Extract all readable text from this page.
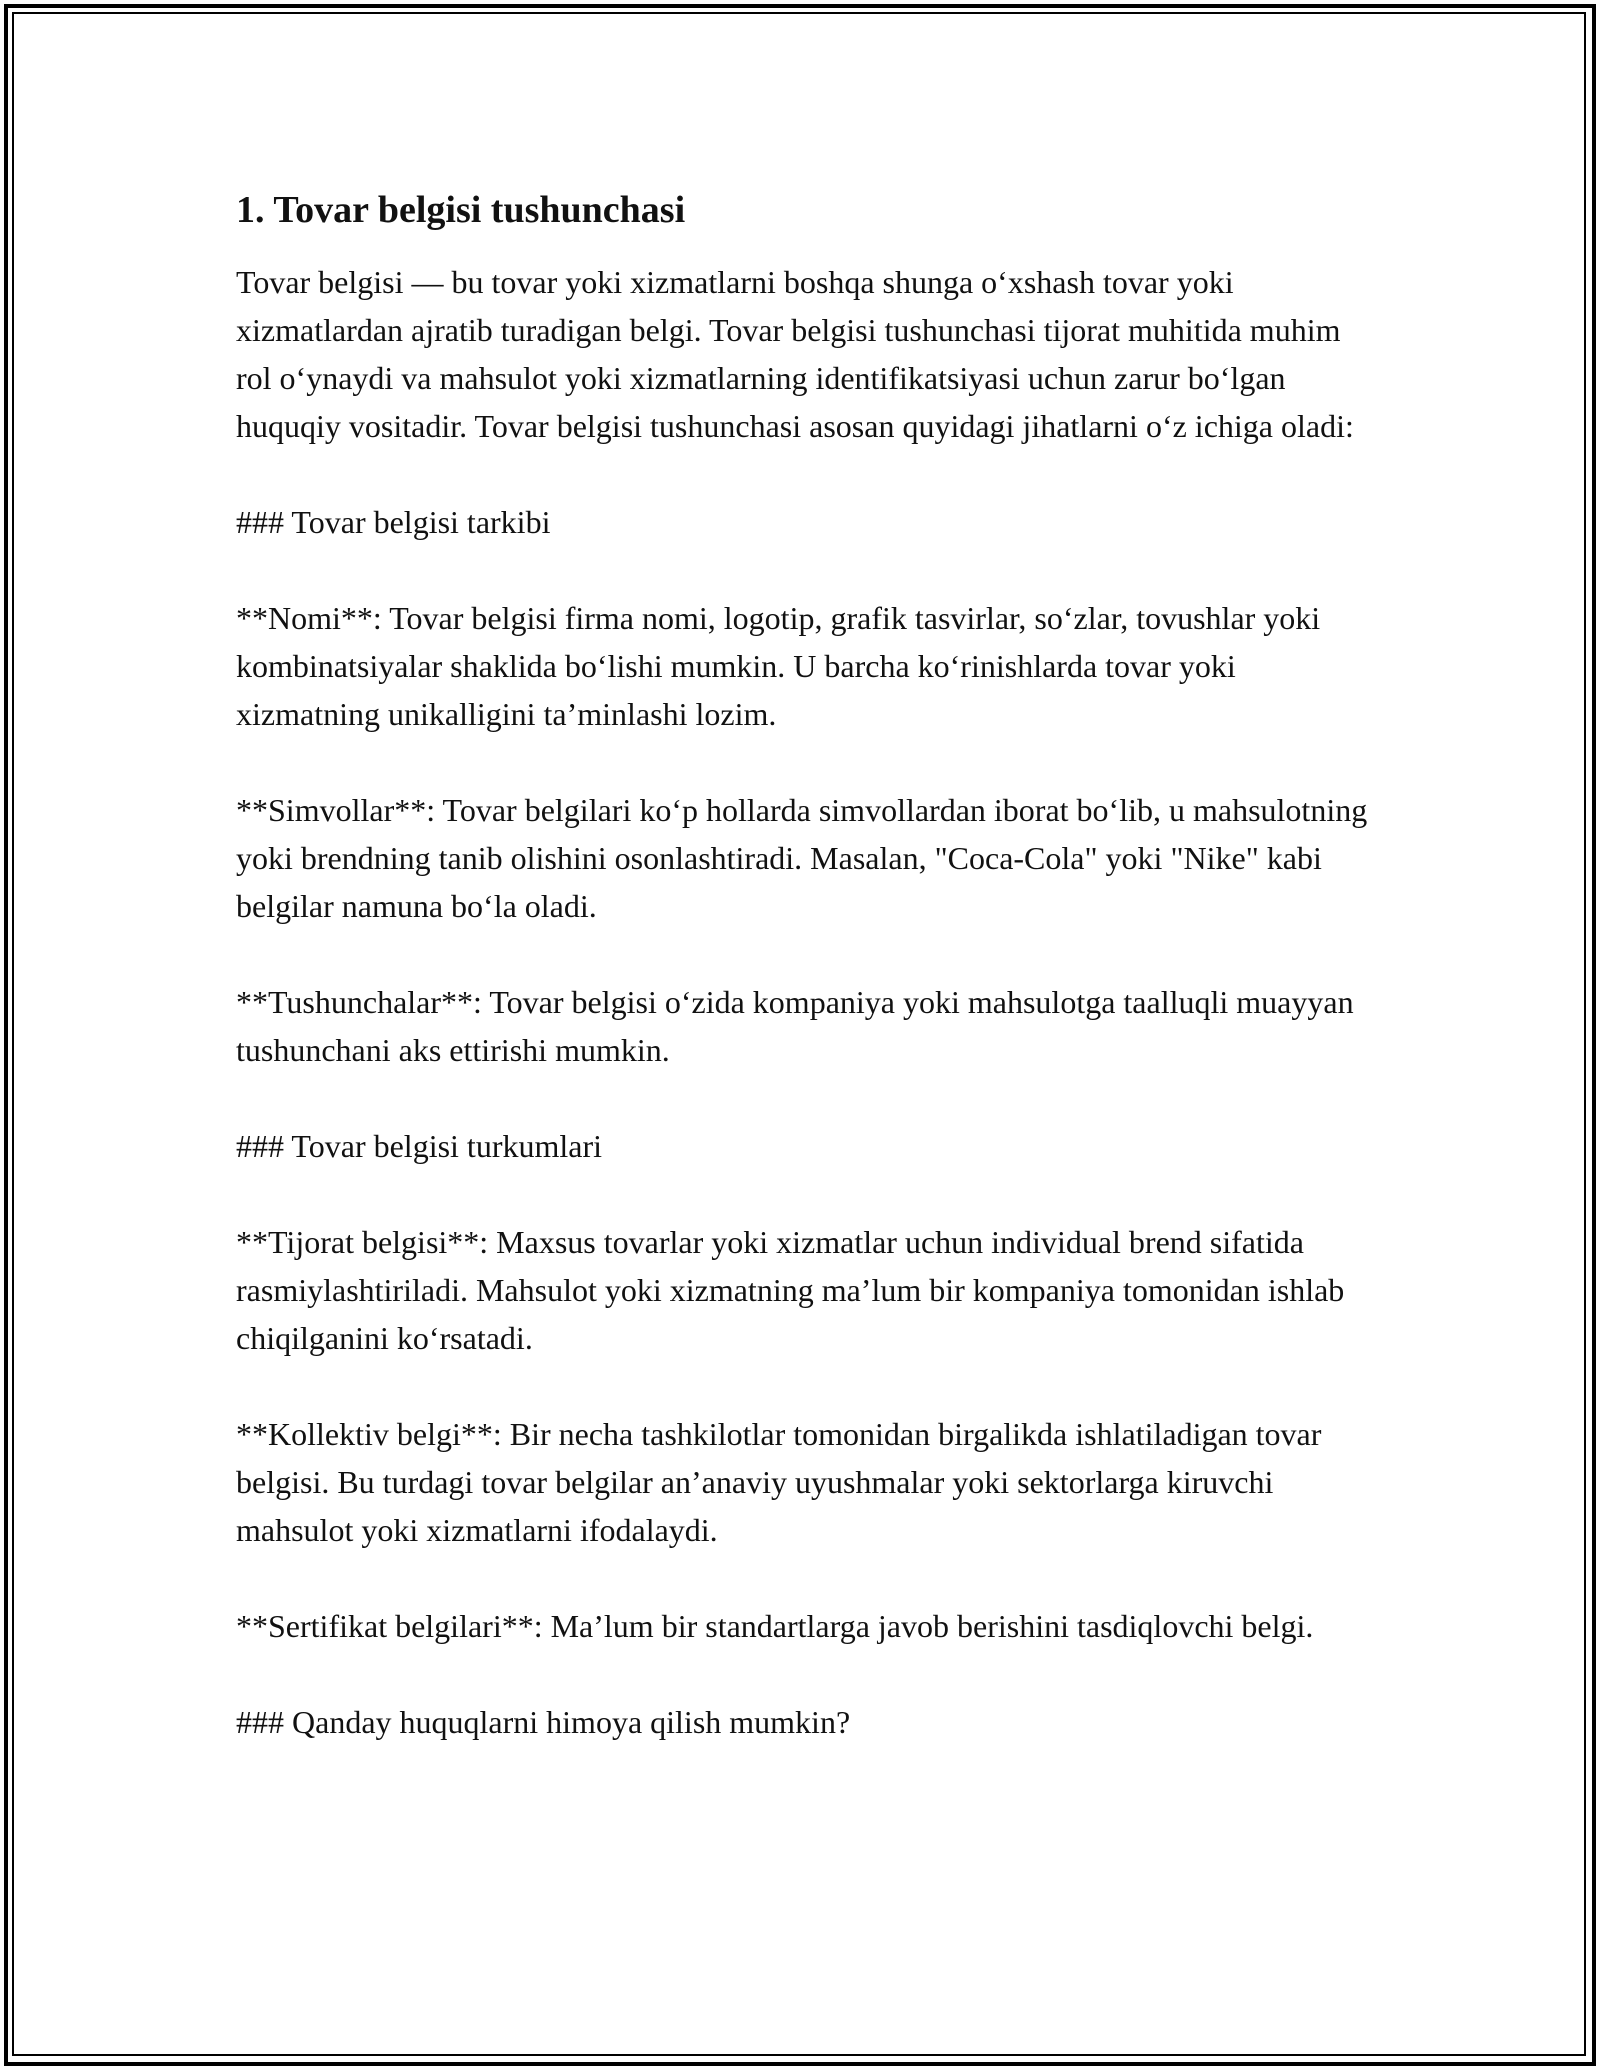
1. Tovar belgisi tushunchasi

Tovar belgisi — bu tovar yoki xizmatlarni boshqa shunga o‘xshash tovar yoki xizmatlardan ajratib turadigan belgi. Tovar belgisi tushunchasi tijorat muhitida muhim rol o‘ynaydi va mahsulot yoki xizmatlarning identifikatsiyasi uchun zarur bo‘lgan huquqiy vositadir. Tovar belgisi tushunchasi asosan quyidagi jihatlarni o‘z ichiga oladi:

### Tovar belgisi tarkibi

**Nomi**: Tovar belgisi firma nomi, logotip, grafik tasvirlar, so‘zlar, tovushlar yoki kombinatsiyalar shaklida bo‘lishi mumkin. U barcha ko‘rinishlarda tovar yoki xizmatning unikalligini ta’minlashi lozim.

**Simvollar**: Tovar belgilari ko‘p hollarda simvollardan iborat bo‘lib, u mahsulotning yoki brendning tanib olishini osonlashtiradi. Masalan, "Coca-Cola" yoki "Nike" kabi belgilar namuna bo‘la oladi.

**Tushunchalar**: Tovar belgisi o‘zida kompaniya yoki mahsulotga taalluqli muayyan tushunchani aks ettirishi mumkin.

### Tovar belgisi turkumlari

**Tijorat belgisi**: Maxsus tovarlar yoki xizmatlar uchun individual brend sifatida rasmiylashtiriladi. Mahsulot yoki xizmatning ma’lum bir kompaniya tomonidan ishlab chiqilganini ko‘rsatadi.

**Kollektiv belgi**: Bir necha tashkilotlar tomonidan birgalikda ishlatiladigan tovar belgisi. Bu turdagi tovar belgilar an’anaviy uyushmalar yoki sektorlarga kiruvchi mahsulot yoki xizmatlarni ifodalaydi.

**Sertifikat belgilari**: Ma’lum bir standartlarga javob berishini tasdiqlovchi belgi.

### Qanday huquqlarni himoya qilish mumkin?
